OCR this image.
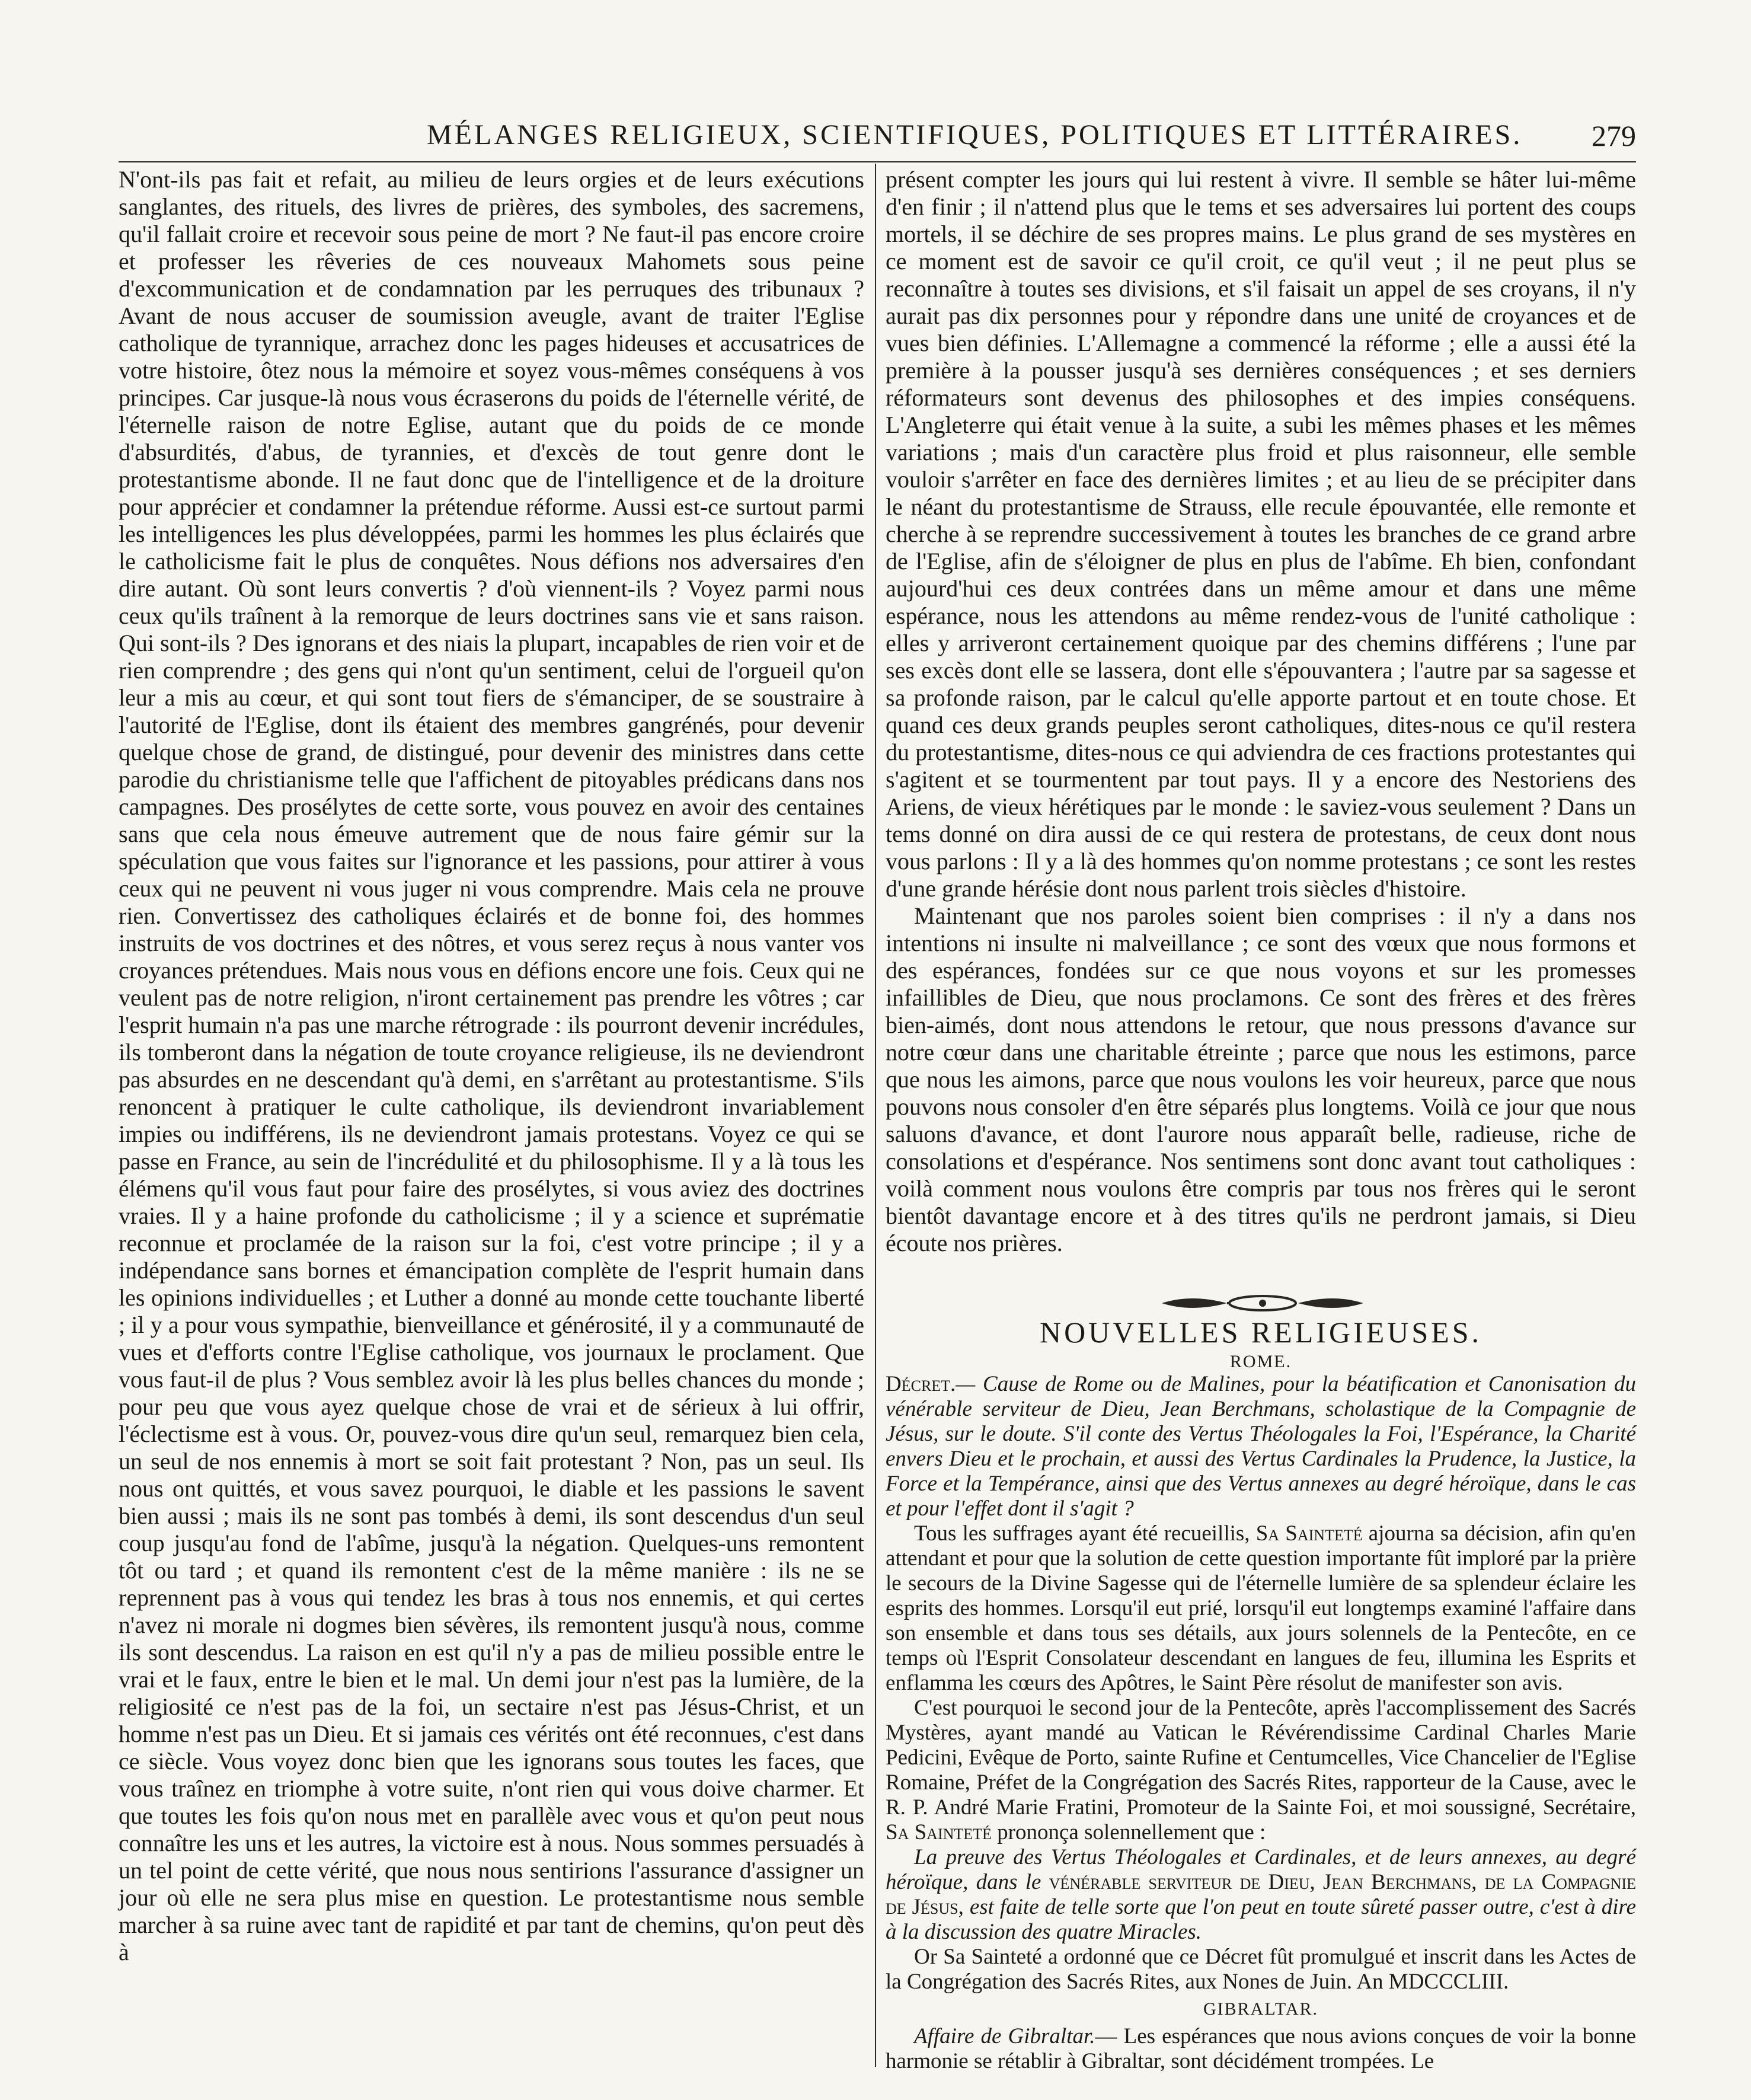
MÉLANGES RELIGIEUX, SCIENTIFIQUES, POLITIQUES ET LITTÉRAIRES. 279

N'ont-ils pas fait et refait, au milieu de leurs orgies et de leurs exécutions sanglantes, des rituels, des livres de prières, des symboles, des sacremens, qu'il fallait croire et recevoir sous peine de mort ? Ne faut-il pas encore croire et professer les rêveries de ces nouveaux Mahomets sous peine d'excommunication et de condamnation par les perruques des tribunaux ? Avant de nous accuser de soumission aveugle, avant de traiter l'Eglise catholique de tyrannique, arrachez donc les pages hideuses et accusatrices de votre histoire, ôtez nous la mémoire et soyez vous-mêmes conséquens à vos principes. Car jusque-là nous vous écraserons du poids de l'éternelle vérité, de l'éternelle raison de notre Eglise, autant que du poids de ce monde d'absurdités, d'abus, de tyrannies, et d'excès de tout genre dont le protestantisme abonde. Il ne faut donc que de l'intelligence et de la droiture pour apprécier et condamner la prétendue réforme. Aussi est-ce surtout parmi les intelligences les plus développées, parmi les hommes les plus éclairés que le catholicisme fait le plus de conquêtes. Nous défions nos adversaires d'en dire autant. Où sont leurs convertis ? d'où viennent-ils ? Voyez parmi nous ceux qu'ils traînent à la remorque de leurs doctrines sans vie et sans raison. Qui sont-ils ? Des ignorans et des niais la plupart, incapables de rien voir et de rien comprendre ; des gens qui n'ont qu'un sentiment, celui de l'orgueil qu'on leur a mis au cœur, et qui sont tout fiers de s'émanciper, de se soustraire à l'autorité de l'Eglise, dont ils étaient des membres gangrénés, pour devenir quelque chose de grand, de distingué, pour devenir des ministres dans cette parodie du christianisme telle que l'affichent de pitoyables prédicans dans nos campagnes. Des prosélytes de cette sorte, vous pouvez en avoir des centaines sans que cela nous émeuve autrement que de nous faire gémir sur la spéculation que vous faites sur l'ignorance et les passions, pour attirer à vous ceux qui ne peuvent ni vous juger ni vous comprendre. Mais cela ne prouve rien. Convertissez des catholiques éclairés et de bonne foi, des hommes instruits de vos doctrines et des nôtres, et vous serez reçus à nous vanter vos croyances prétendues. Mais nous vous en défions encore une fois. Ceux qui ne veulent pas de notre religion, n'iront certainement pas prendre les vôtres ; car l'esprit humain n'a pas une marche rétrograde : ils pourront devenir incrédules, ils tomberont dans la négation de toute croyance religieuse, ils ne deviendront pas absurdes en ne descendant qu'à demi, en s'arrêtant au protestantisme. S'ils renoncent à pratiquer le culte catholique, ils deviendront invariablement impies ou indifférens, ils ne deviendront jamais protestans. Voyez ce qui se passe en France, au sein de l'incrédulité et du philosophisme. Il y a là tous les élémens qu'il vous faut pour faire des prosélytes, si vous aviez des doctrines vraies. Il y a haine profonde du catholicisme ; il y a science et suprématie reconnue et proclamée de la raison sur la foi, c'est votre principe ; il y a indépendance sans bornes et émancipation complète de l'esprit humain dans les opinions individuelles ; et Luther a donné au monde cette touchante liberté ; il y a pour vous sympathie, bienveillance et générosité, il y a communauté de vues et d'efforts contre l'Eglise catholique, vos journaux le proclament. Que vous faut-il de plus ? Vous semblez avoir là les plus belles chances du monde ; pour peu que vous ayez quelque chose de vrai et de sérieux à lui offrir, l'éclectisme est à vous. Or, pouvez-vous dire qu'un seul, remarquez bien cela, un seul de nos ennemis à mort se soit fait protestant ? Non, pas un seul. Ils nous ont quittés, et vous savez pourquoi, le diable et les passions le savent bien aussi ; mais ils ne sont pas tombés à demi, ils sont descendus d'un seul coup jusqu'au fond de l'abîme, jusqu'à la négation. Quelques-uns remontent tôt ou tard ; et quand ils remontent c'est de la même manière : ils ne se reprennent pas à vous qui tendez les bras à tous nos ennemis, et qui certes n'avez ni morale ni dogmes bien sévères, ils remontent jusqu'à nous, comme ils sont descendus. La raison en est qu'il n'y a pas de milieu possible entre le vrai et le faux, entre le bien et le mal. Un demi jour n'est pas la lumière, de la religiosité ce n'est pas de la foi, un sectaire n'est pas Jésus-Christ, et un homme n'est pas un Dieu. Et si jamais ces vérités ont été reconnues, c'est dans ce siècle. Vous voyez donc bien que les ignorans sous toutes les faces, que vous traînez en triomphe à votre suite, n'ont rien qui vous doive charmer. Et que toutes les fois qu'on nous met en parallèle avec vous et qu'on peut nous connaître les uns et les autres, la victoire est à nous. Nous sommes persuadés à un tel point de cette vérité, que nous nous sentirions l'assurance d'assigner un jour où elle ne sera plus mise en question. Le protestantisme nous semble marcher à sa ruine avec tant de rapidité et par tant de chemins, qu'on peut dès à

présent compter les jours qui lui restent à vivre. Il semble se hâter lui-même d'en finir ; il n'attend plus que le tems et ses adversaires lui portent des coups mortels, il se déchire de ses propres mains. Le plus grand de ses mystères en ce moment est de savoir ce qu'il croit, ce qu'il veut ; il ne peut plus se reconnaître à toutes ses divisions, et s'il faisait un appel de ses croyans, il n'y aurait pas dix personnes pour y répondre dans une unité de croyances et de vues bien définies. L'Allemagne a commencé la réforme ; elle a aussi été la première à la pousser jusqu'à ses dernières conséquences ; et ses derniers réformateurs sont devenus des philosophes et des impies conséquens. L'Angleterre qui était venue à la suite, a subi les mêmes phases et les mêmes variations ; mais d'un caractère plus froid et plus raisonneur, elle semble vouloir s'arrêter en face des dernières limites ; et au lieu de se précipiter dans le néant du protestantisme de Strauss, elle recule épouvantée, elle remonte et cherche à se reprendre successivement à toutes les branches de ce grand arbre de l'Eglise, afin de s'éloigner de plus en plus de l'abîme. Eh bien, confondant aujourd'hui ces deux contrées dans un même amour et dans une même espérance, nous les attendons au même rendez-vous de l'unité catholique : elles y arriveront certainement quoique par des chemins différens ; l'une par ses excès dont elle se lassera, dont elle s'épouvantera ; l'autre par sa sagesse et sa profonde raison, par le calcul qu'elle apporte partout et en toute chose. Et quand ces deux grands peuples seront catholiques, dites-nous ce qu'il restera du protestantisme, dites-nous ce qui adviendra de ces fractions protestantes qui s'agitent et se tourmentent par tout pays. Il y a encore des Nestoriens des Ariens, de vieux hérétiques par le monde : le saviez-vous seulement ? Dans un tems donné on dira aussi de ce qui restera de protestans, de ceux dont nous vous parlons : Il y a là des hommes qu'on nomme protestans ; ce sont les restes d'une grande hérésie dont nous parlent trois siècles d'histoire.

Maintenant que nos paroles soient bien comprises : il n'y a dans nos intentions ni insulte ni malveillance ; ce sont des vœux que nous formons et des espérances, fondées sur ce que nous voyons et sur les promesses infaillibles de Dieu, que nous proclamons. Ce sont des frères et des frères bien-aimés, dont nous attendons le retour, que nous pressons d'avance sur notre cœur dans une charitable étreinte ; parce que nous les estimons, parce que nous les aimons, parce que nous voulons les voir heureux, parce que nous pouvons nous consoler d'en être séparés plus longtems. Voilà ce jour que nous saluons d'avance, et dont l'aurore nous apparaît belle, radieuse, riche de consolations et d'espérance. Nos sentimens sont donc avant tout catholiques : voilà comment nous voulons être compris par tous nos frères qui le seront bientôt davantage encore et à des titres qu'ils ne perdront jamais, si Dieu écoute nos prières.

NOUVELLES RELIGIEUSES.
ROME.

Décret.— Cause de Rome ou de Malines, pour la béatification et Canonisation du vénérable serviteur de Dieu, Jean Berchmans, scholastique de la Compagnie de Jésus, sur le doute. S'il conte des Vertus Théologales la Foi, l'Espérance, la Charité envers Dieu et le prochain, et aussi des Vertus Cardinales la Prudence, la Justice, la Force et la Tempérance, ainsi que des Vertus annexes au degré héroïque, dans le cas et pour l'effet dont il s'agit ?

Tous les suffrages ayant été recueillis, Sa Sainteté ajourna sa décision, afin qu'en attendant et pour que la solution de cette question importante fût imploré par la prière le secours de la Divine Sagesse qui de l'éternelle lumière de sa splendeur éclaire les esprits des hommes. Lorsqu'il eut prié, lorsqu'il eut longtemps examiné l'affaire dans son ensemble et dans tous ses détails, aux jours solennels de la Pentecôte, en ce temps où l'Esprit Consolateur descendant en langues de feu, illumina les Esprits et enflamma les cœurs des Apôtres, le Saint Père résolut de manifester son avis.

C'est pourquoi le second jour de la Pentecôte, après l'accomplissement des Sacrés Mystères, ayant mandé au Vatican le Révérendissime Cardinal Charles Marie Pedicini, Evêque de Porto, sainte Rufine et Centumcelles, Vice Chancelier de l'Eglise Romaine, Préfet de la Congrégation des Sacrés Rites, rapporteur de la Cause, avec le R. P. André Marie Fratini, Promoteur de la Sainte Foi, et moi soussigné, Secrétaire, Sa Sainteté prononça solennellement que :

La preuve des Vertus Théologales et Cardinales, et de leurs annexes, au degré héroïque, dans le vénérable serviteur de Dieu, Jean Berchmans, de la Compagnie de Jésus, est faite de telle sorte que l'on peut en toute sûreté passer outre, c'est à dire à la discussion des quatre Miracles.

Or Sa Sainteté a ordonné que ce Décret fût promulgué et inscrit dans les Actes de la Congrégation des Sacrés Rites, aux Nones de Juin. An MDCCCLIII.

GIBRALTAR.

Affaire de Gibraltar.— Les espérances que nous avions conçues de voir la bonne harmonie se rétablir à Gibraltar, sont décidément trompées. Le
